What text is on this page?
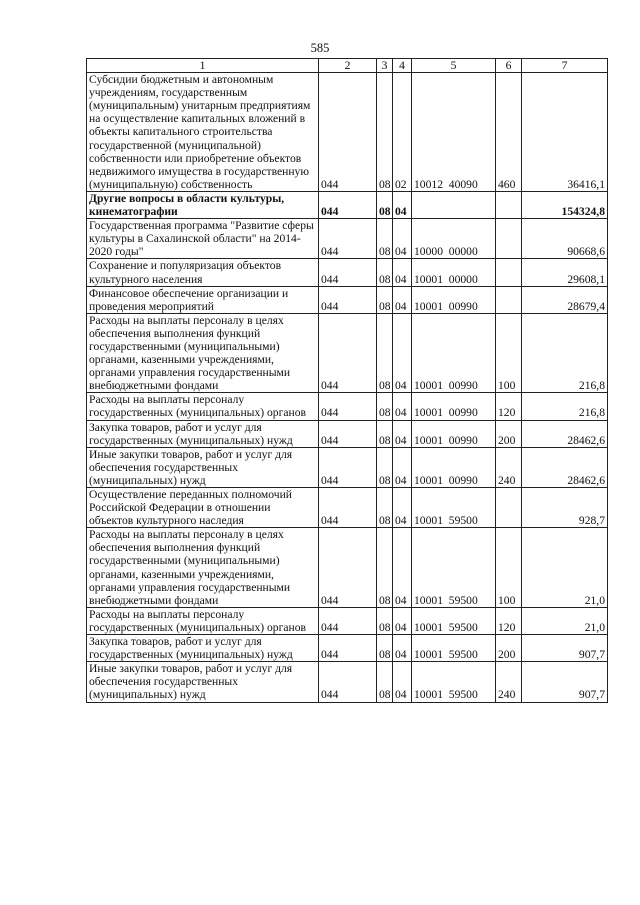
585
1	2	3	4	5	6	7
Субсидии бюджетным и автономным учреждениям, государственным (муниципальным) унитарным предприятиям на осуществление капитальных вложений в объекты капитального строительства государственной (муниципальной) собственности или приобретение объектов недвижимого имущества в государственную (муниципальную) собственность	044	08	02	10012  40090	460	36416,1
Другие вопросы в области культуры, кинематографии	044	08	04			154324,8
Государственная программа "Развитие сферы культуры в Сахалинской области" на 2014-2020 годы"	044	08	04	10000  00000		90668,6
Сохранение и популяризация объектов культурного населения	044	08	04	10001  00000		29608,1
Финансовое обеспечение организации и проведения мероприятий	044	08	04	10001  00990		28679,4
Расходы на выплаты персоналу в целях обеспечения выполнения функций государственными (муниципальными) органами, казенными учреждениями, органами управления государственными внебюджетными фондами	044	08	04	10001  00990	100	216,8
Расходы на выплаты персоналу государственных (муниципальных) органов	044	08	04	10001  00990	120	216,8
Закупка товаров, работ и услуг для государственных (муниципальных) нужд	044	08	04	10001  00990	200	28462,6
Иные закупки товаров, работ и услуг для обеспечения государственных (муниципальных) нужд	044	08	04	10001  00990	240	28462,6
Осуществление переданных полномочий Российской Федерации в отношении объектов культурного наследия	044	08	04	10001  59500		928,7
Расходы на выплаты персоналу в целях обеспечения выполнения функций государственными (муниципальными) органами, казенными учреждениями, органами управления государственными внебюджетными фондами	044	08	04	10001  59500	100	21,0
Расходы на выплаты персоналу государственных (муниципальных) органов	044	08	04	10001  59500	120	21,0
Закупка товаров, работ и услуг для государственных (муниципальных) нужд	044	08	04	10001  59500	200	907,7
Иные закупки товаров, работ и услуг для обеспечения государственных (муниципальных) нужд	044	08	04	10001  59500	240	907,7
